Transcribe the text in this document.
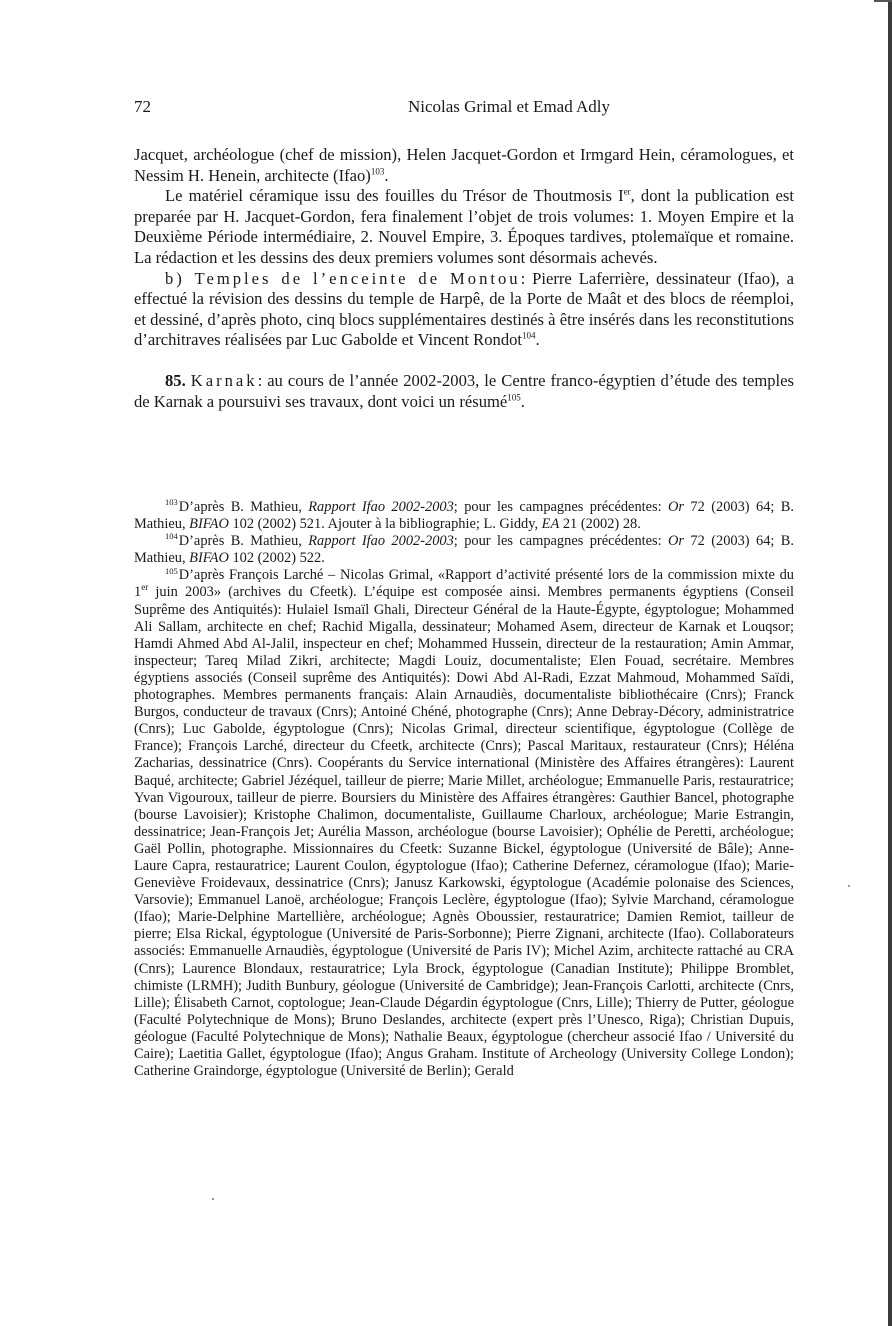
72	Nicolas Grimal et Emad Adly

Jacquet, archéologue (chef de mission), Helen Jacquet-Gordon et Irmgard Hein, céramologues, et Nessim H. Henein, architecte (Ifao)$^{103}$.

Le matériel céramique issu des fouilles du Trésor de Thoutmosis Ier, dont la publication est preparée par H. Jacquet-Gordon, fera finalement l’objet de trois volumes: 1. Moyen Empire et la Deuxième Période intermédiaire, 2. Nouvel Empire, 3. Époques tardives, ptolemaïque et romaine. La rédaction et les dessins des deux premiers volumes sont désormais achevés.

b) Temples de l’enceinte de Montou: Pierre Laferrière, dessinateur (Ifao), a effectué la révision des dessins du temple de Harpê, de la Porte de Maât et des blocs de réemploi, et dessiné, d’après photo, cinq blocs supplémentaires destinés à être insérés dans les reconstitutions d’architraves réalisées par Luc Gabolde et Vincent Rondot$^{104}$.

85. Karnak: au cours de l’année 2002-2003, le Centre franco-égyptien d’étude des temples de Karnak a poursuivi ses travaux, dont voici un résumé$^{105}$.

$^{103}$D’après B. Mathieu, Rapport Ifao 2002-2003; pour les campagnes précédentes: Or 72 (2003) 64; B. Mathieu, BIFAO 102 (2002) 521. Ajouter à la bibliographie; L. Giddy, EA 21 (2002) 28.

$^{104}$D’après B. Mathieu, Rapport Ifao 2002-2003; pour les campagnes précédentes: Or 72 (2003) 64; B. Mathieu, BIFAO 102 (2002) 522.

$^{105}$D’après François Larché – Nicolas Grimal, «Rapport d’activité présenté lors de la commission mixte du 1er juin 2003» (archives du Cfeetk). L’équipe est composée ainsi. Membres permanents égyptiens (Conseil Suprême des Antiquités): Hulaiel Ismaïl Ghali, Directeur Général de la Haute-Égypte, égyptologue; Mohammed Ali Sallam, architecte en chef; Rachid Migalla, dessinateur; Mohamed Asem, directeur de Karnak et Louqsor; Hamdi Ahmed Abd Al-Jalil, inspecteur en chef; Mohammed Hussein, directeur de la restauration; Amin Ammar, inspecteur; Tareq Milad Zikri, architecte; Magdi Louiz, documentaliste; Elen Fouad, secrétaire. Membres égyptiens associés (Conseil suprême des Antiquités): Dowi Abd Al-Radi, Ezzat Mahmoud, Mohammed Saïdi, photographes. Membres permanents français: Alain Arnaudiès, documentaliste bibliothécaire (Cnrs); Franck Burgos, conducteur de travaux (Cnrs); Antoiné Chéné, photographe (Cnrs); Anne Debray-Décory, administratrice (Cnrs); Luc Gabolde, égyptologue (Cnrs); Nicolas Grimal, directeur scientifique, égyptologue (Collège de France); François Larché, directeur du Cfeetk, architecte (Cnrs); Pascal Maritaux, restaurateur (Cnrs); Héléna Zacharias, dessinatrice (Cnrs). Coopérants du Service international (Ministère des Affaires étrangères): Laurent Baqué, architecte; Gabriel Jézéquel, tailleur de pierre; Marie Millet, archéologue; Emmanuelle Paris, restauratrice; Yvan Vigouroux, tailleur de pierre. Boursiers du Ministère des Affaires étrangères: Gauthier Bancel, photographe (bourse Lavoisier); Kristophe Chalimon, documentaliste, Guillaume Charloux, archéologue; Marie Estrangin, dessinatrice; Jean-François Jet; Aurélia Masson, archéologue (bourse Lavoisier); Ophélie de Peretti, archéologue; Gaël Pollin, photographe. Missionnaires du Cfeetk: Suzanne Bickel, égyptologue (Université de Bâle); Anne-Laure Capra, restauratrice; Laurent Coulon, égyptologue (Ifao); Catherine Defernez, céramologue (Ifao); Marie-Geneviève Froidevaux, dessinatrice (Cnrs); Janusz Karkowski, égyptologue (Académie polonaise des Sciences, Varsovie); Emmanuel Lanoë, archéologue; François Leclère, égyptologue (Ifao); Sylvie Marchand, céramologue (Ifao); Marie-Delphine Martellière, archéologue; Agnès Oboussier, restauratrice; Damien Remiot, tailleur de pierre; Elsa Rickal, égyptologue (Université de Paris-Sorbonne); Pierre Zignani, architecte (Ifao). Collaborateurs associés: Emmanuelle Arnaudiès, égyptologue (Université de Paris IV); Michel Azim, architecte rattaché au CRA (Cnrs); Laurence Blondaux, restauratrice; Lyla Brock, égyptologue (Canadian Institute); Philippe Bromblet, chimiste (LRMH); Judith Bunbury, géologue (Université de Cambridge); Jean-François Carlotti, architecte (Cnrs, Lille); Élisabeth Carnot, coptologue; Jean-Claude Dégardin égyptologue (Cnrs, Lille); Thierry de Putter, géologue (Faculté Polytechnique de Mons); Bruno Deslandes, architecte (expert près l’Unesco, Riga); Christian Dupuis, géologue (Faculté Polytechnique de Mons); Nathalie Beaux, égyptologue (chercheur associé Ifao / Université du Caire); Laetitia Gallet, égyptologue (Ifao); Angus Graham. Institute of Archeology (University College London); Catherine Graindorge, égyptologue (Université de Berlin); Gerald
